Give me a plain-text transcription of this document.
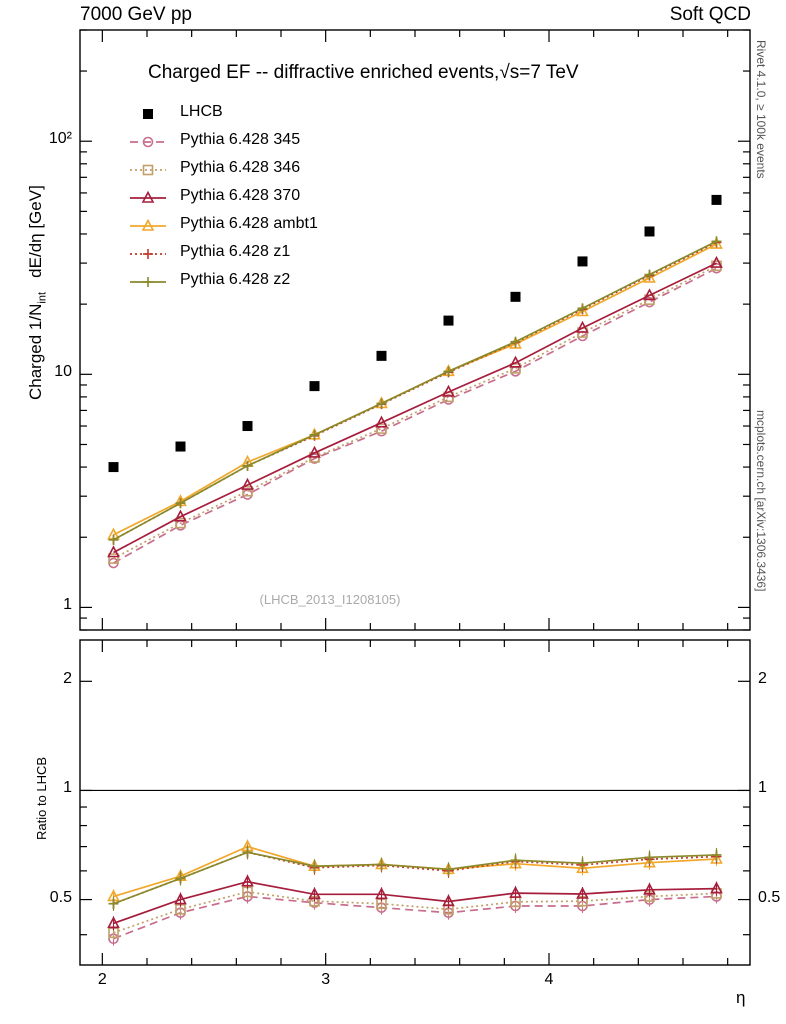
7000 GeV pp	Soft QCD
Rivet 4.1.0, ≥ 100k events
mcplots.cern.ch [arXiv:1306.3436]
Charged $1/N_{int}$   dE/dη [GeV]
Ratio to LHCB
η
Charged EF -- diffractive enriched events,√s=7 TeV
(LHCB_2013_I1208105)
1
10
10²
0.5	0.5
1	1
2	2
2	3	4
LHCB
Pythia 6.428 345
Pythia 6.428 346
Pythia 6.428 370
Pythia 6.428 ambt1
Pythia 6.428 z1
Pythia 6.428 z2
